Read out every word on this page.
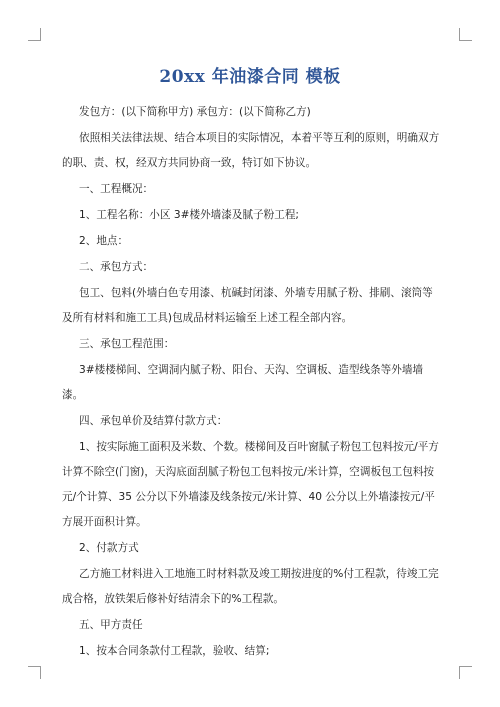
20xx 年油漆合同 模板

发包方：(以下简称甲方) 承包方：(以下简称乙方)

依照相关法律法规、结合本项目的实际情况，本着平等互利的原则，明确双方的职、责、权，经双方共同协商一致，特订如下协议。

一、工程概况：

1、工程名称：小区 3#楼外墙漆及腻子粉工程;

2、地点：

二、承包方式：

包工、包料(外墙白色专用漆、杭碱封闭漆、外墙专用腻子粉、排刷、滚筒等及所有材料和施工工具)包成品材料运输至上述工程全部内容。

三、承包工程范围：

3#楼楼梯间、空调洞内腻子粉、阳台、天沟、空调板、造型线条等外墙墙漆。

四、承包单价及结算付款方式：

1、按实际施工面积及米数、个数。楼梯间及百叶窗腻子粉包工包料按元/平方计算不除空(门窗)，天沟底面刮腻子粉包工包料按元/米计算，空调板包工包料按元/个计算、35 公分以下外墙漆及线条按元/米计算、40 公分以上外墙漆按元/平方展开面积计算。

2、付款方式

乙方施工材料进入工地施工时材料款及竣工期按进度的%付工程款，待竣工完成合格，放铁架后修补好结清余下的%工程款。

五、甲方责任

1、按本合同条款付工程款，验收、结算;
